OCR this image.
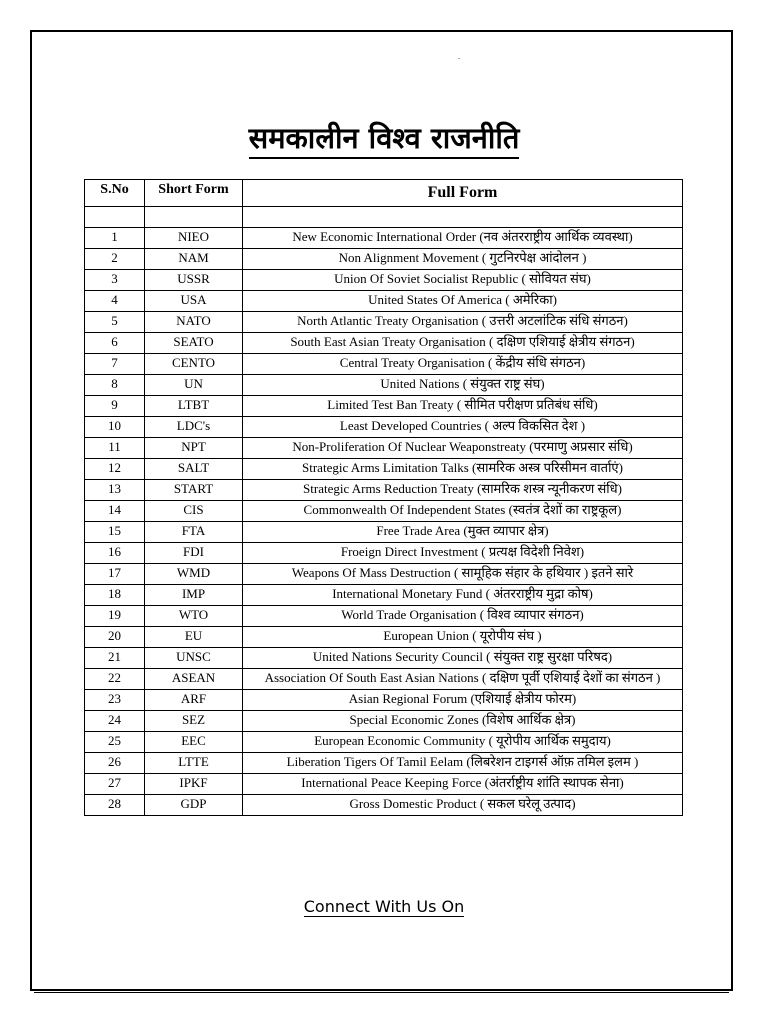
समकालीन विश्व राजनीति
S.No	Short Form	Full Form

1	NIEO	New Economic International Order (नव अंतरराष्ट्रीय आर्थिक व्यवस्था)
2	NAM	Non Alignment Movement ( गुटनिरपेक्ष आंदोलन )
3	USSR	Union Of Soviet Socialist Republic ( सोवियत संघ)
4	USA	United States Of America ( अमेरिका)
5	NATO	North Atlantic Treaty Organisation ( उत्तरी अटलांटिक संधि संगठन)
6	SEATO	South East Asian Treaty Organisation ( दक्षिण एशियाई क्षेत्रीय संगठन)
7	CENTO	Central Treaty Organisation ( केंद्रीय संधि संगठन)
8	UN	United Nations ( संयुक्त राष्ट्र संघ)
9	LTBT	Limited Test Ban Treaty ( सीमित परीक्षण प्रतिबंध संधि)
10	LDC's	Least Developed Countries ( अल्प विकसित देश )
11	NPT	Non-Proliferation Of Nuclear Weaponstreaty (परमाणु अप्रसार संधि)
12	SALT	Strategic Arms Limitation Talks (सामरिक अस्त्र परिसीमन वार्ताएं)
13	START	Strategic Arms Reduction Treaty (सामरिक शस्त्र न्यूनीकरण संधि)
14	CIS	Commonwealth Of Independent States (स्वतंत्र देशों का राष्ट्रकूल)
15	FTA	Free Trade Area (मुक्त व्यापार क्षेत्र)
16	FDI	Froeign Direct Investment ( प्रत्यक्ष विदेशी निवेश)
17	WMD	Weapons Of Mass Destruction ( सामूहिक संहार के हथियार ) इतने सारे
18	IMP	International Monetary Fund ( अंतरराष्ट्रीय मुद्रा कोष)
19	WTO	World Trade Organisation ( विश्व व्यापार संगठन)
20	EU	European Union ( यूरोपीय संघ )
21	UNSC	United Nations Security Council ( संयुक्त राष्ट्र सुरक्षा परिषद)
22	ASEAN	Association Of South East Asian Nations ( दक्षिण पूर्वी एशियाई देशों का संगठन )
23	ARF	Asian Regional Forum (एशियाई क्षेत्रीय फोरम)
24	SEZ	Special Economic Zones (विशेष आर्थिक क्षेत्र)
25	EEC	European Economic Community ( यूरोपीय आर्थिक समुदाय)
26	LTTE	Liberation Tigers Of Tamil Eelam (लिबरेशन टाइगर्स ऑफ़ तमिल इलम )
27	IPKF	International Peace Keeping Force (अंतर्राष्ट्रीय शांति स्थापक सेना)
28	GDP	Gross Domestic Product ( सकल घरेलू उत्पाद)
Connect With Us On
